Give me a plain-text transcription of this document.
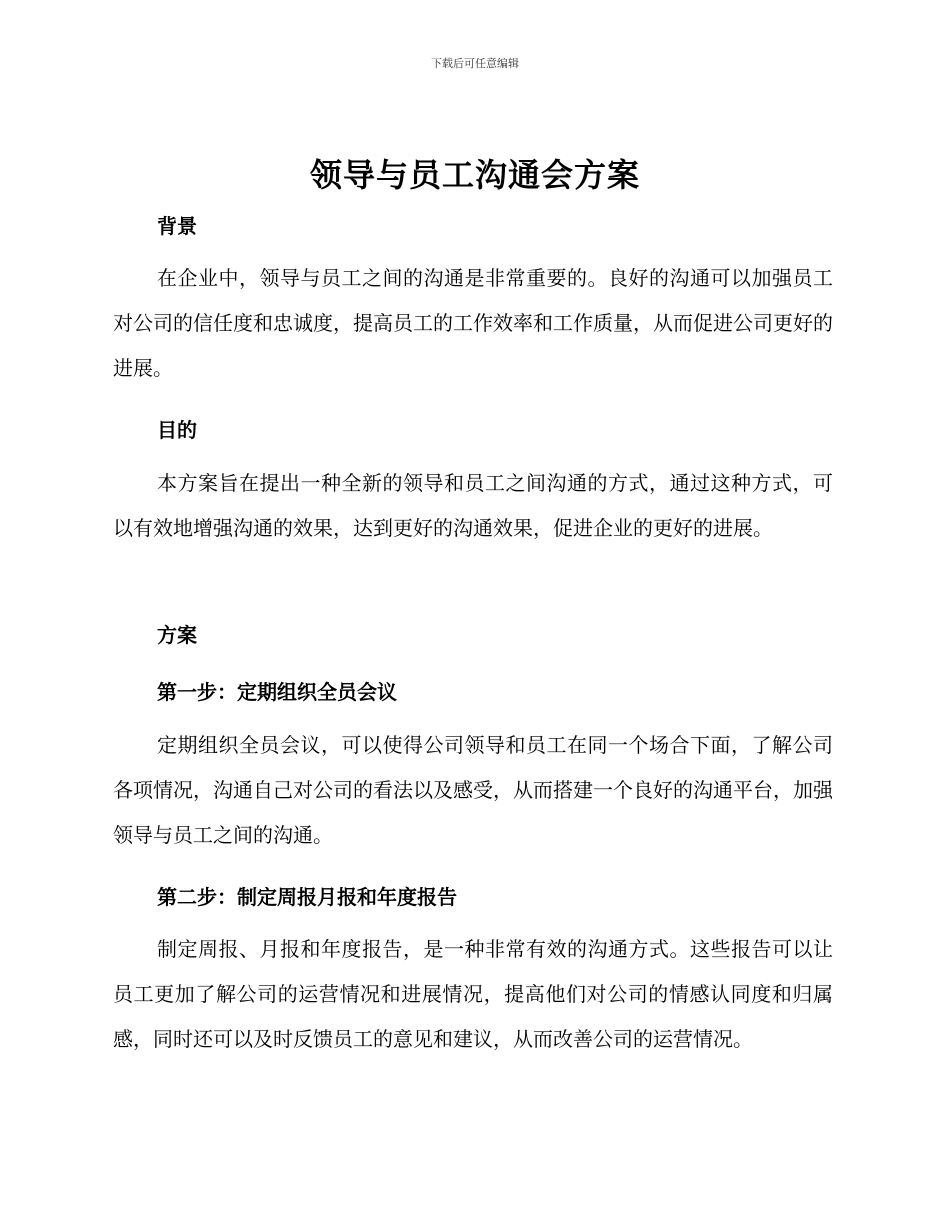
下载后可任意编辑
领导与员工沟通会方案
背景
在企业中，领导与员工之间的沟通是非常重要的。良好的沟通可以加强员工对公司的信任度和忠诚度，提高员工的工作效率和工作质量，从而促进公司更好的进展。
目的
本方案旨在提出一种全新的领导和员工之间沟通的方式，通过这种方式，可以有效地增强沟通的效果，达到更好的沟通效果，促进企业的更好的进展。
方案
第一步：定期组织全员会议
定期组织全员会议，可以使得公司领导和员工在同一个场合下面，了解公司各项情况，沟通自己对公司的看法以及感受，从而搭建一个良好的沟通平台，加强领导与员工之间的沟通。
第二步：制定周报月报和年度报告
制定周报、月报和年度报告，是一种非常有效的沟通方式。这些报告可以让员工更加了解公司的运营情况和进展情况，提高他们对公司的情感认同度和归属感，同时还可以及时反馈员工的意见和建议，从而改善公司的运营情况。
